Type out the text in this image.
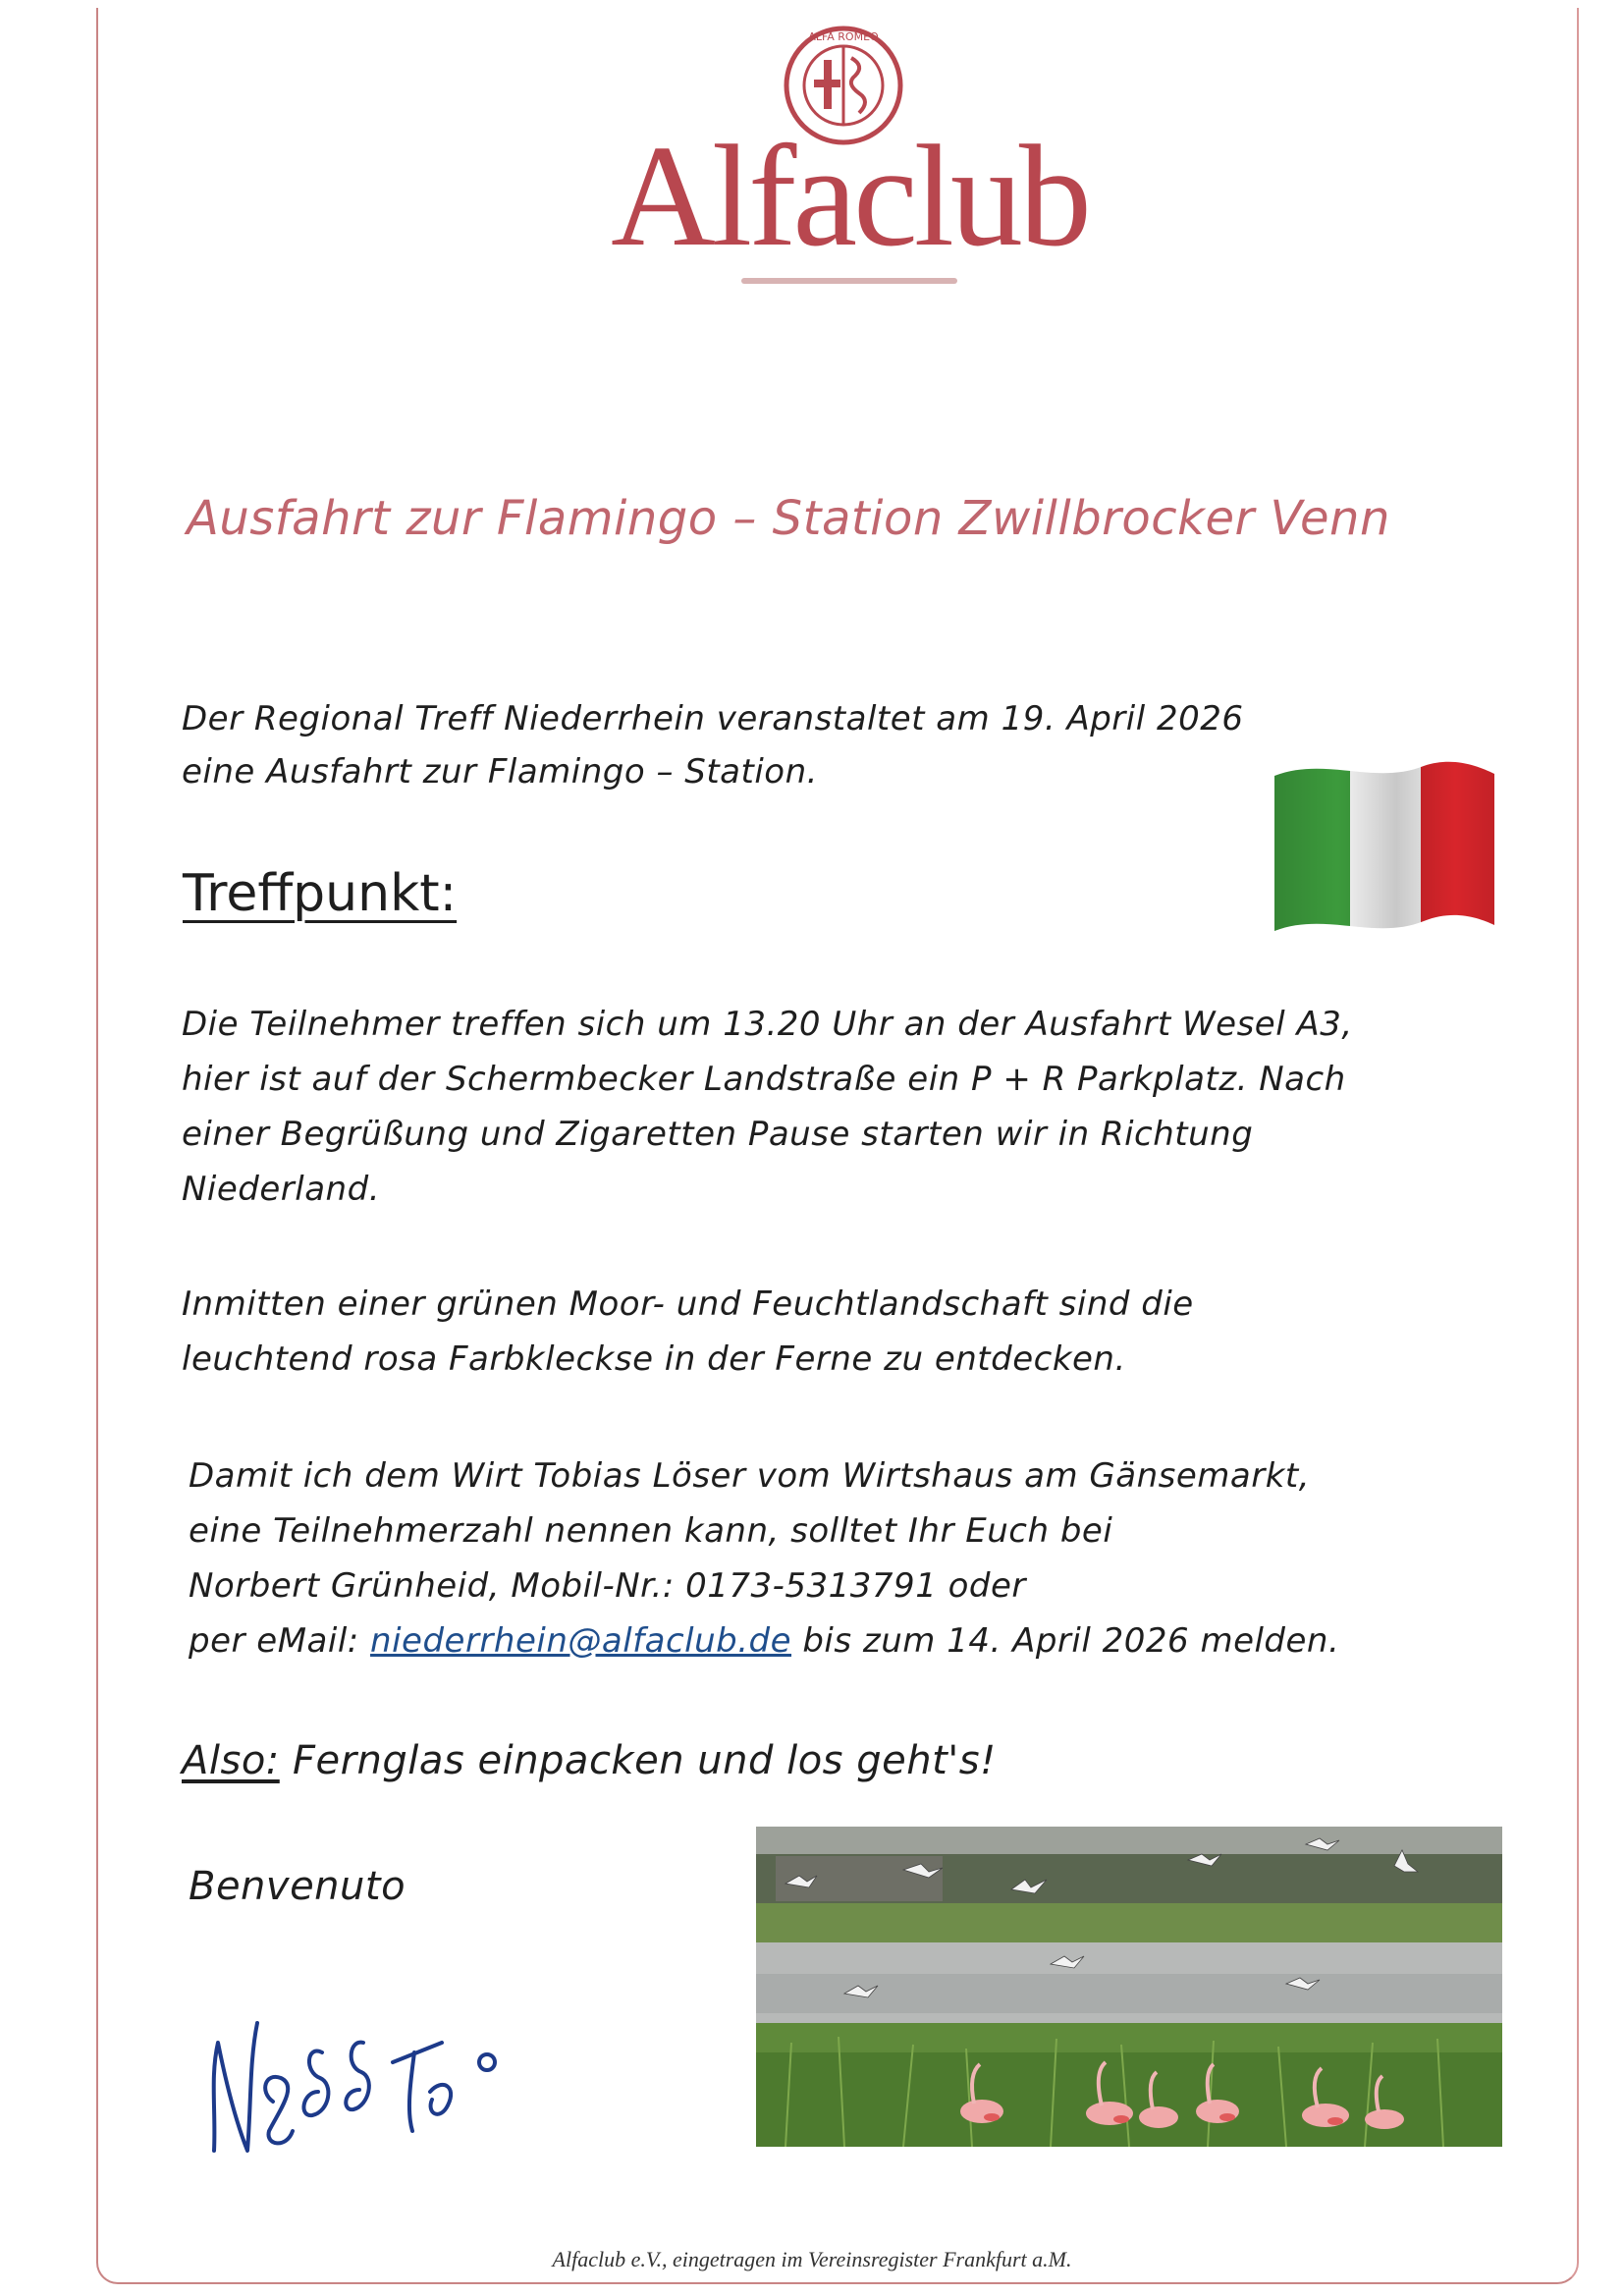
ALFA ROMEO
Alfaclub
Ausfahrt zur Flamingo – Station Zwillbrocker Venn
Der Regional Treff Niederrhein veranstaltet am 19. April 2026
eine Ausfahrt zur Flamingo – Station.
Treffpunkt:
Die Teilnehmer treffen sich um 13.20 Uhr an der Ausfahrt Wesel A3,
hier ist auf der Schermbecker Landstraße ein P + R Parkplatz. Nach
einer Begrüßung und Zigaretten Pause starten wir in Richtung
Niederland.
Inmitten einer grünen Moor- und Feuchtlandschaft sind die
leuchtend rosa Farbkleckse in der Ferne zu entdecken.
Damit ich dem Wirt Tobias Löser vom Wirtshaus am Gänsemarkt,
eine Teilnehmerzahl nennen kann, solltet Ihr Euch bei
Norbert Grünheid, Mobil-Nr.: 0173-5313791 oder
per eMail: niederrhein@alfaclub.de bis zum 14. April 2026 melden.
Also: Fernglas einpacken und los geht's!
Benvenuto
Alfaclub e.V., eingetragen im Vereinsregister Frankfurt a.M.
